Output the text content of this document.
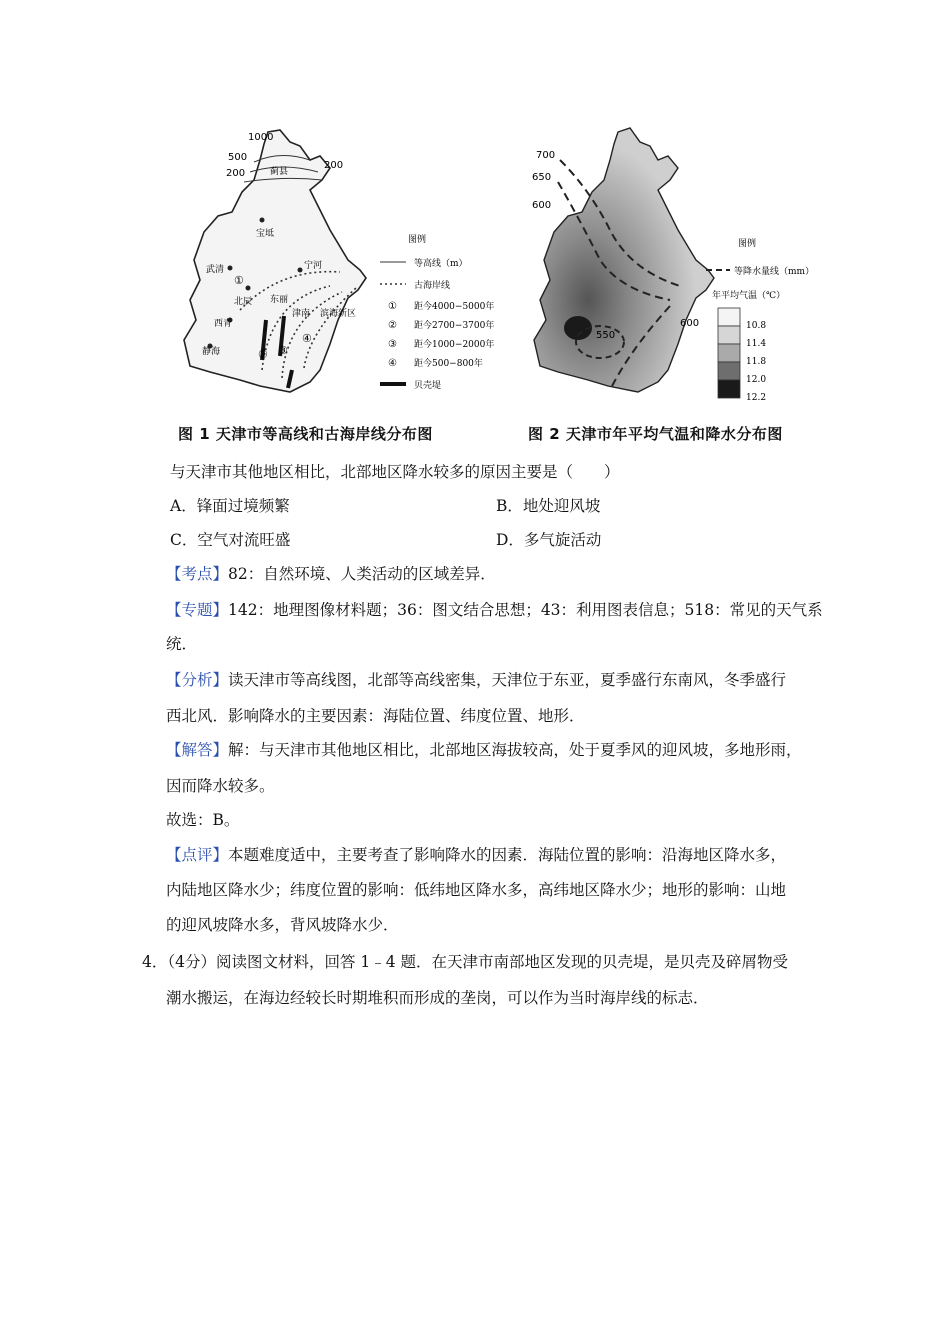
1000
500
200
200
蓟县
宝坻
武清	宁河
北辰 东丽
津南
西青
静海
滨海新区
①
② ③
④
图例
等高线（m）
古海岸线
① 距今4000−5000年
② 距今2700−3700年
③ 距今1000−2000年
④ 距今500−800年
贝壳堤
图 1 天津市等高线和古海岸线分布图
700
650
600
600
550
图例
等降水量线（mm）
年平均气温（℃）
10.8
11.4
11.8
12.0
12.2
图 2 天津市年平均气温和降水分布图
与天津市其他地区相比，北部地区降水较多的原因主要是（　　）
A．锋面过境频繁	B．地处迎风坡
C．空气对流旺盛	D．多气旋活动
【考点】82：自然环境、人类活动的区域差异．
【专题】142：地理图像材料题；36：图文结合思想；43：利用图表信息；518：常见的天气系
统．
【分析】读天津市等高线图，北部等高线密集，天津位于东亚，夏季盛行东南风，冬季盛行
西北风．影响降水的主要因素：海陆位置、纬度位置、地形．
【解答】解：与天津市其他地区相比，北部地区海拔较高，处于夏季风的迎风坡，多地形雨，
因而降水较多。
故选：B。
【点评】本题难度适中，主要考查了影响降水的因素．海陆位置的影响：沿海地区降水多，
内陆地区降水少；纬度位置的影响：低纬地区降水多，高纬地区降水少；地形的影响：山地
的迎风坡降水多，背风坡降水少．
4．（4分）阅读图文材料，回答 1﹣4 题．在天津市南部地区发现的贝壳堤，是贝壳及碎屑物受
潮水搬运，在海边经较长时期堆积而形成的垄岗，可以作为当时海岸线的标志．
